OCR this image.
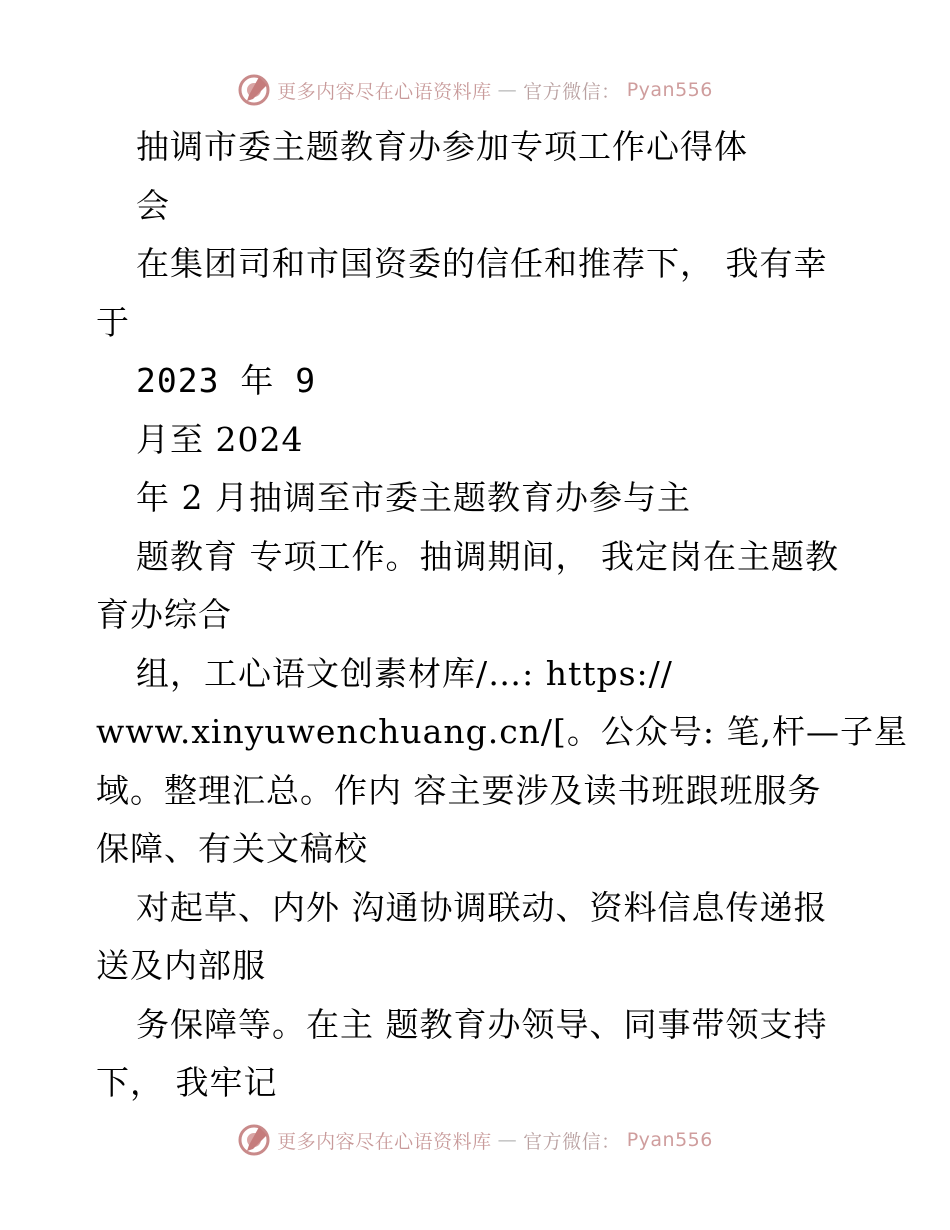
更多内容尽在心语资料库 — 官方微信： Pyan556
抽调市委主题教育办参加专项工作心得体
会
在集团司和市国资委的信任和推荐下， 我有幸
于
2023 年 9
月至 2024
年 2 月抽调至市委主题教育办参与主
题教育 专项工作。抽调期间， 我定岗在主题教
育办综合
组，工心语文创素材库/…: https://
www.xinyuwenchuang.cn/[。公众号: 笔,杆—子星
域。整理汇总。作内 容主要涉及读书班跟班服务
保障、有关文稿校
对起草、内外 沟通协调联动、资料信息传递报
送及内部服
务保障等。在主 题教育办领导、同事带领支持
下， 我牢记
更多内容尽在心语资料库 — 官方微信： Pyan556
